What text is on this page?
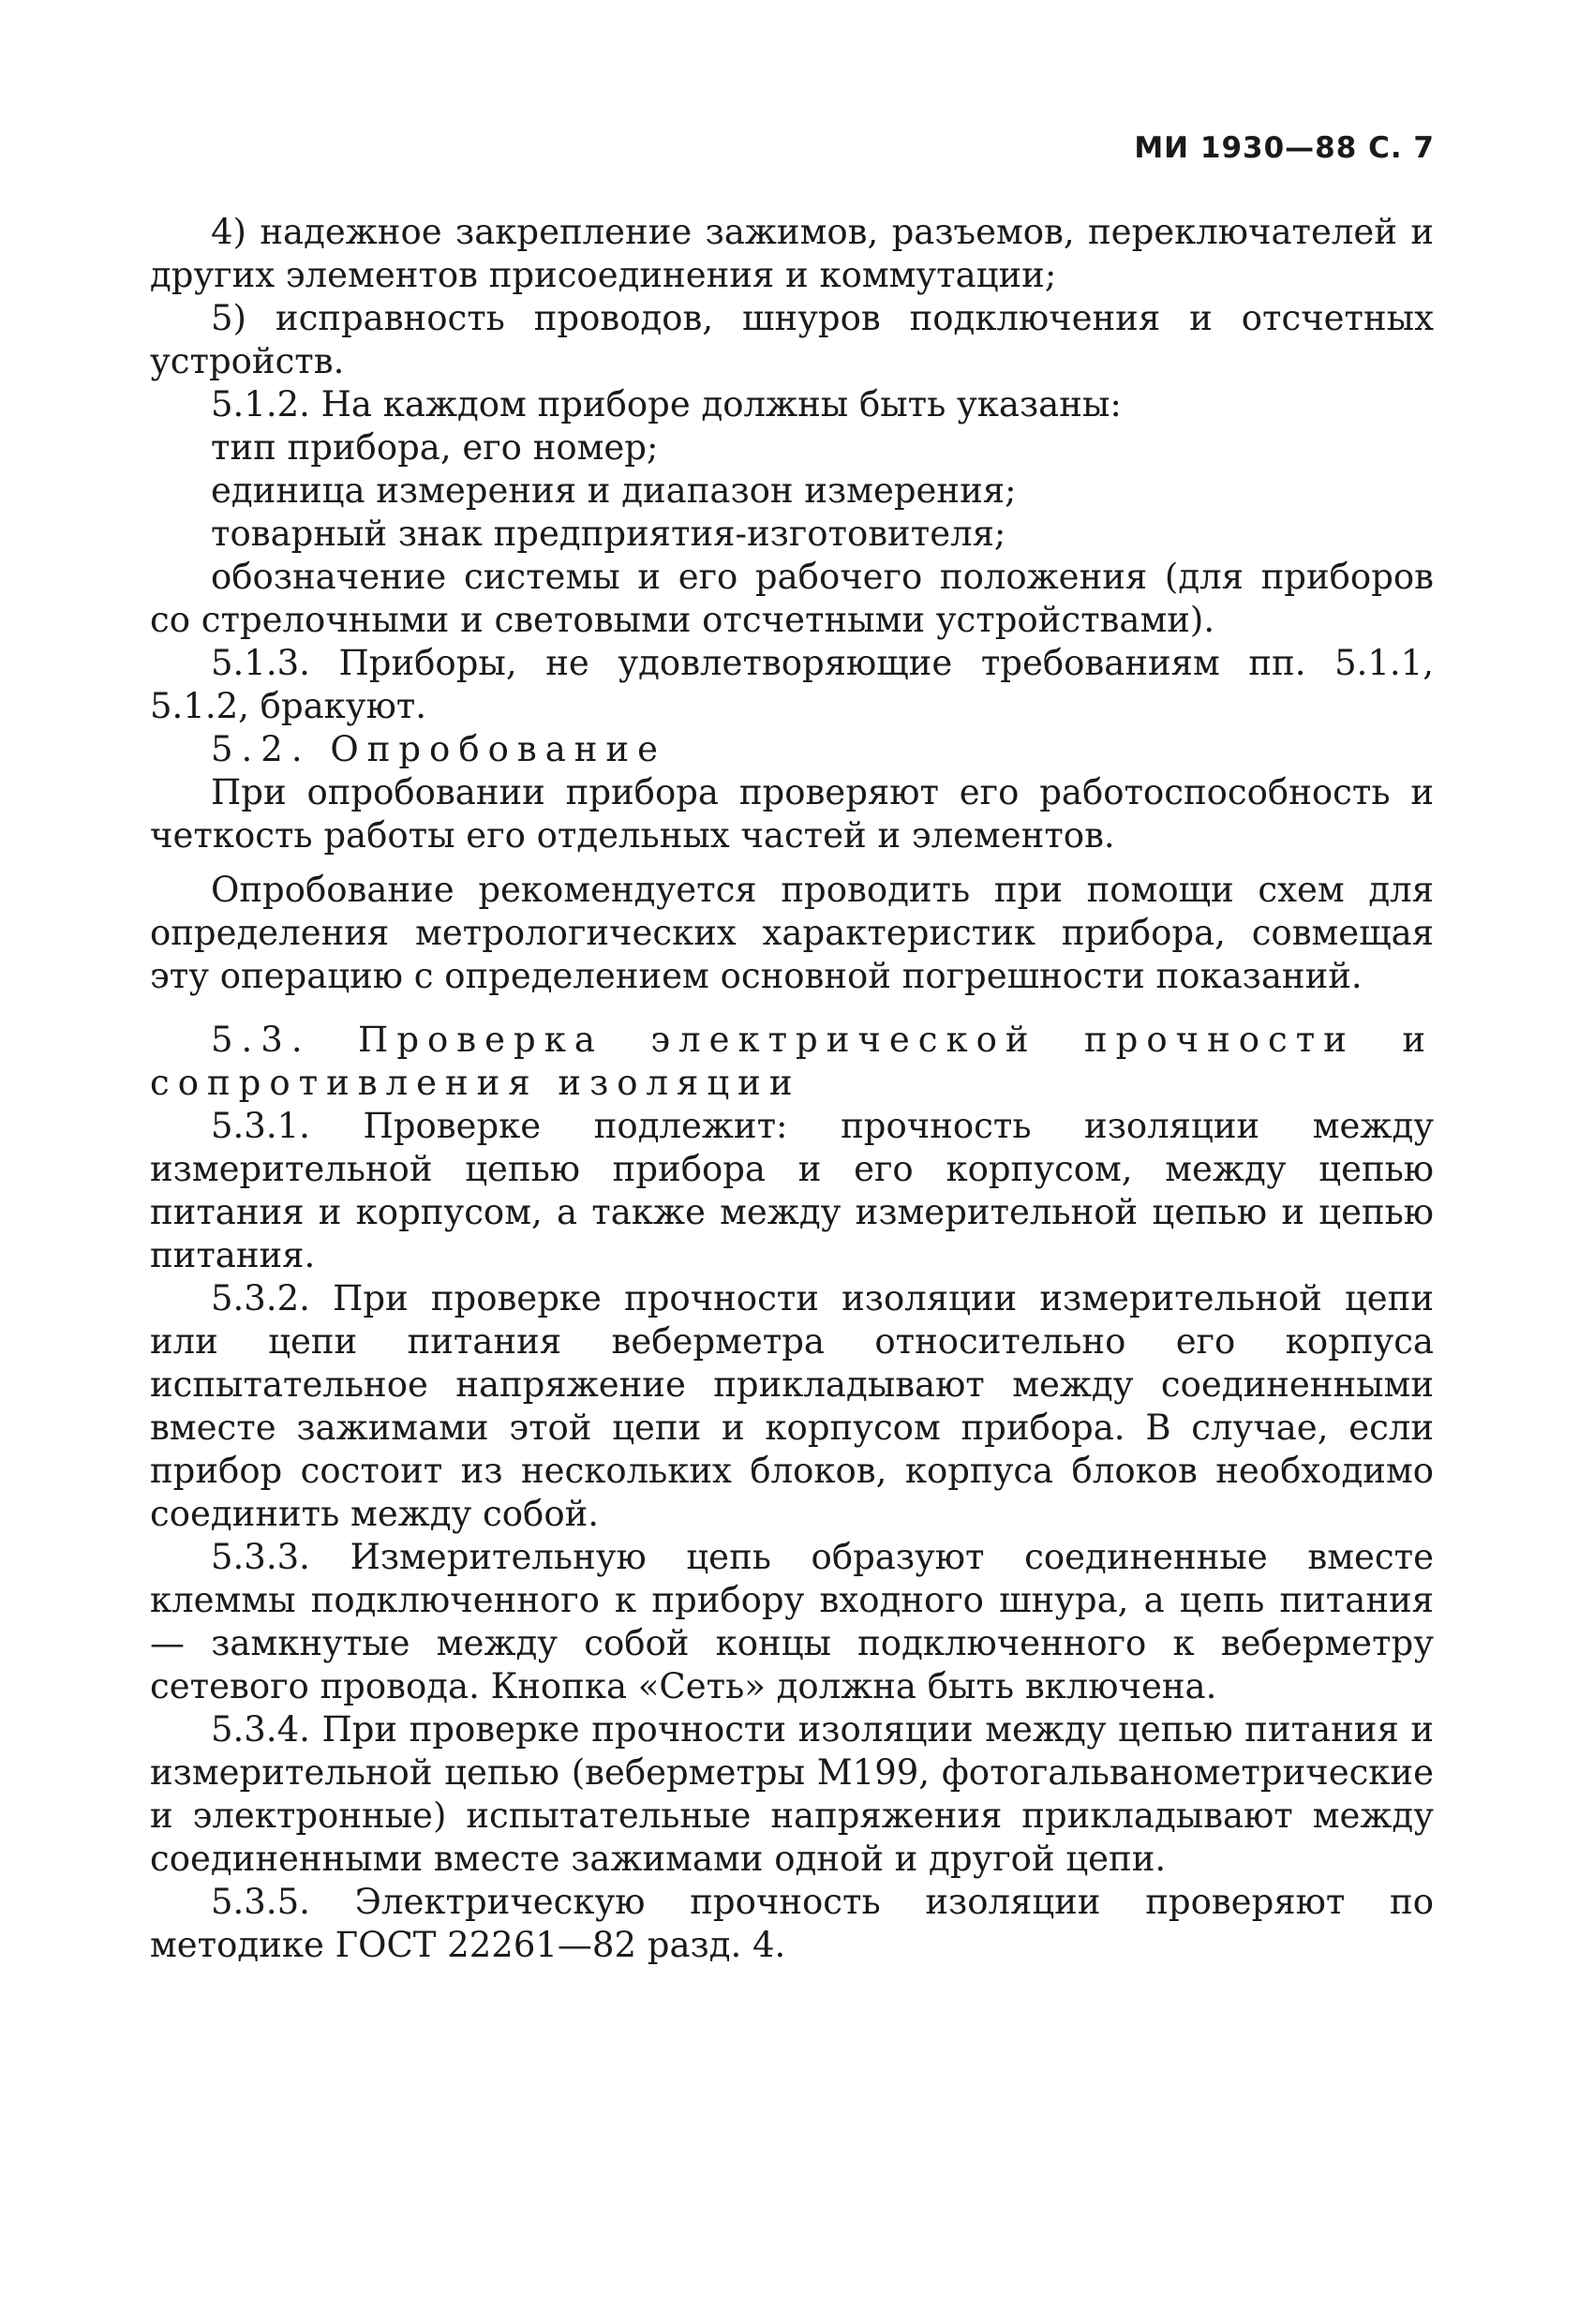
МИ 1930—88 С. 7

4) надежное закрепление зажимов, разъемов, переключателей и других элементов присоединения и коммутации;

5) исправность проводов, шнуров подключения и отсчетных устройств.

5.1.2. На каждом приборе должны быть указаны:

тип прибора, его номер;

единица измерения и диапазон измерения;

товарный знак предприятия-изготовителя;

обозначение системы и его рабочего положения (для приборов со стрелочными и световыми отсчетными устройствами).

5.1.3. Приборы, не удовлетворяющие требованиям пп. 5.1.1, 5.1.2, бракуют.

5.2. Опробование

При опробовании прибора проверяют его работоспособность и четкость работы его отдельных частей и элементов.

Опробование рекомендуется проводить при помощи схем для определения метрологических характеристик прибора, совмещая эту операцию с определением основной погрешности показаний.

5.3. Проверка электрической прочности и сопротивления изоляции

5.3.1. Проверке подлежит: прочность изоляции между измерительной цепью прибора и его корпусом, между цепью питания и корпусом, а также между измерительной цепью и цепью питания.

5.3.2. При проверке прочности изоляции измерительной цепи или цепи питания веберметра относительно его корпуса испытательное напряжение прикладывают между соединенными вместе зажимами этой цепи и корпусом прибора. В случае, если прибор состоит из нескольких блоков, корпуса блоков необходимо соединить между собой.

5.3.3. Измерительную цепь образуют соединенные вместе клеммы подключенного к прибору входного шнура, а цепь питания — замкнутые между собой концы подключенного к веберметру сетевого провода. Кнопка «Сеть» должна быть включена.

5.3.4. При проверке прочности изоляции между цепью питания и измерительной цепью (веберметры М199, фотогальванометрические и электронные) испытательные напряжения прикладывают между соединенными вместе зажимами одной и другой цепи.

5.3.5. Электрическую прочность изоляции проверяют по методике ГОСТ 22261—82 разд. 4.
